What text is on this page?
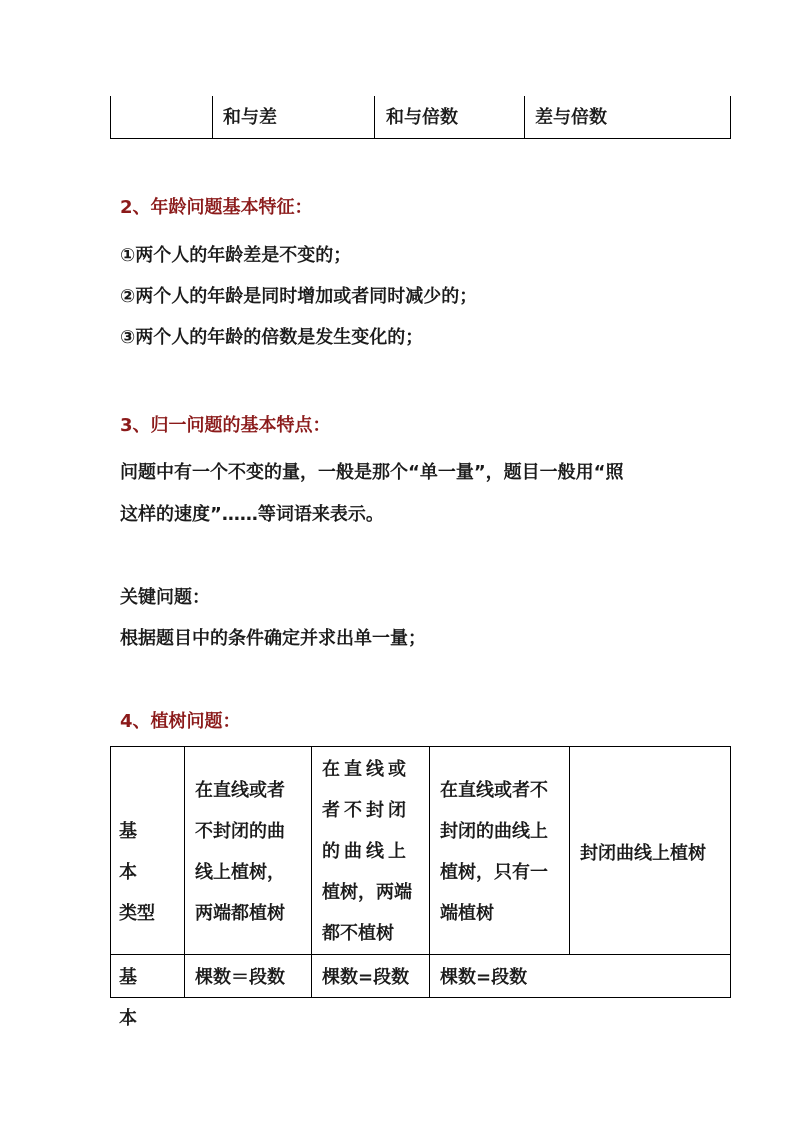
和与差	和与倍数	差与倍数
2、年龄问题基本特征：
①两个人的年龄差是不变的；
②两个人的年龄是同时增加或者同时减少的；
③两个人的年龄的倍数是发生变化的；
3、归一问题的基本特点：
问题中有一个不变的量，一般是那个“单一量”，题目一般用“照
这样的速度”……等词语来表示。
关键问题：
根据题目中的条件确定并求出单一量；
4、植树问题：
基
本
类型
在直线或者
不封闭的曲
线上植树，
两端都植树
在直线或
者不封闭
的曲线上
植树，两端
都不植树
在直线或者不
封闭的曲线上
植树，只有一
端植树
封闭曲线上植树
基
本
棵数＝段数 棵数=段数 棵数=段数
